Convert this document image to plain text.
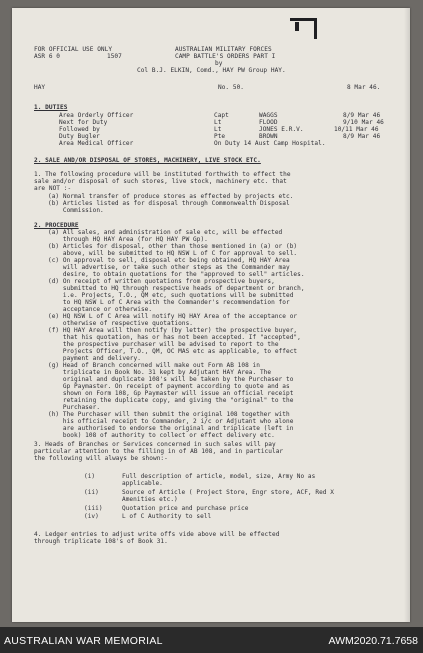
FOR OFFICIAL USE ONLY
ASR 6 0	1507
AUSTRALIAN MILITARY FORCES
CAMP BATTLE'S ORDERS PART I
by
Col B.J. ELKIN, Comd., HAY PW Group HAY.
HAY	No. 50.	8 Mar 46.
1. DUTIES
Area Orderly Officer	Capt	WAGGS	8/9 Mar 46
Next for Duty	Lt	FLOOD	9/10 Mar 46
Followed by	Lt	JONES E.R.V.	10/11 Mar 46
Duty Bugler	Pte	BROWN	8/9 Mar 46
Area Medical Officer	On Duty 14 Aust Camp Hospital.
2. SALE AND/OR DISPOSAL OF STORES, MACHINERY, LIVE STOCK ETC.
1. The following procedure will be instituted forthwith to effect the
sale and/or disposal of such stores, live stock, machinery etc. that
are NOT :-
(a) Normal transfer of produce stores as effected by projects etc.
(b) Articles listed as for disposal through Commonwealth Disposal
Commission.
2. PROCEDURE
(a) All sales, and administration of sale etc, will be effected
through HQ HAY Area (for HQ HAY PW Gp).
(b) Articles for disposal, other than those mentioned in (a) or (b)
above, will be submitted to HQ NSW L of C for approval to sell.
(c) On approval to sell, disposal etc being obtained, HQ HAY Area
will advertise, or take such other steps as the Commander may
desire, to obtain quotations for the "approved to sell" articles.
(d) On receipt of written quotations from prospective buyers,
submitted to HQ through respective heads of department or branch,
i.e. Projects, T.O., QM etc, such quotations will be submitted
to HQ NSW L of C Area with the Commander's recommendation for
acceptance or otherwise.
(e) HQ NSW L of C Area will notify HQ HAY Area of the acceptance or
otherwise of respective quotations.
(f) HQ HAY Area will then notify (by letter) the prospective buyer,
that his quotation, has or has not been accepted. If "accepted",
the prospective purchaser will be advised to report to the
Projects Officer, T.O., QM, OC MAS etc as applicable, to effect
payment and delivery.
(g) Head of Branch concerned will make out Form AB 108 in
triplicate in Book No. 31 kept by Adjutant HAY Area. The
original and duplicate 108's will be taken by the Purchaser to
Gp Paymaster. On receipt of payment according to quote and as
shown on Form 108, Gp Paymaster will issue an official receipt
retaining the duplicate copy, and giving the "original" to the
Purchaser.
(h) The Purchaser will then submit the original 108 together with
his official receipt to Commander, 2 i/c or Adjutant who alone
are authorised to endorse the original and triplicate (left in
book) 108 of authority to collect or effect delivery etc.
3. Heads of Branches or Services concerned in such sales will pay
particular attention to the filling in of AB 108, and in particular
the following will always be shown:-
(i)	Full description of article, model, size, Army No as
applicable.
(ii)	Source of Article ( Project Store, Engr store, ACF, Red X
Amenities etc.)
(iii)	Quotation price and purchase price
(iv)	L of C Authority to sell
4. Ledger entries to adjust write offs vide above will be effected
through triplicate 108's of Book 31.
AUSTRALIAN WAR MEMORIAL	AWM2020.71.7658
